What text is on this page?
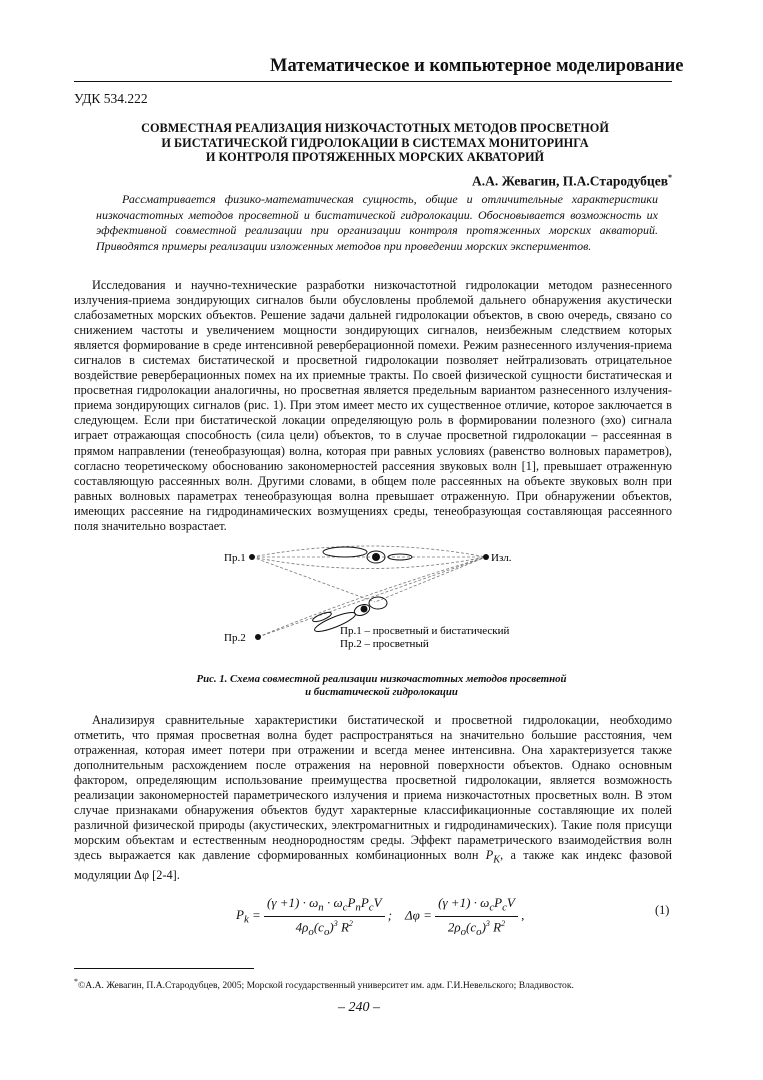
Математическое и компьютерное моделирование
УДК 534.222
СОВМЕСТНАЯ РЕАЛИЗАЦИЯ НИЗКОЧАСТОТНЫХ МЕТОДОВ ПРОСВЕТНОЙ
И БИСТАТИЧЕСКОЙ ГИДРОЛОКАЦИИ В СИСТЕМАХ МОНИТОРИНГА
И КОНТРОЛЯ ПРОТЯЖЕННЫХ МОРСКИХ АКВАТОРИЙ
А.А. Жевагин, П.А.Стародубцев*
Рассматривается физико-математическая сущность, общие и отличительные характеристики низкочастотных методов просветной и бистатической гидролокации. Обосновывается возможность их эффективной совместной реализации при организации контроля протяженных морских акваторий. Приводятся примеры реализации изложенных методов при проведении морских экспериментов.
Исследования и научно-технические разработки низкочастотной гидролокации методом разнесенного излучения-приема зондирующих сигналов были обусловлены проблемой дальнего обнаружения акустически слабозаметных морских объектов. Решение задачи дальней гидролокации объектов, в свою очередь, связано со снижением частоты и увеличением мощности зондирующих сигналов, неизбежным следствием которых является формирование в среде интенсивной реверберационной помехи. Режим разнесенного излучения-приема сигналов в системах бистатической и просветной гидролокации позволяет нейтрализовать отрицательное воздействие реверберационных помех на их приемные тракты. По своей физической сущности бистатическая и просветная гидролокации аналогичны, но просветная является предельным вариантом разнесенного излучения-приема зондирующих сигналов (рис. 1). При этом имеет место их существенное отличие, которое заключается в следующем. Если при бистатической локации определяющую роль в формировании полезного (эхо) сигнала играет отражающая способность (сила цели) объектов, то в случае просветной гидролокации – рассеянная в прямом направлении (тенеобразующая) волна, которая при равных условиях (равенство волновых параметров), согласно теоретическому обоснованию закономерностей рассеяния звуковых волн [1], превышает отраженную составляющую рассеянных волн. Другими словами, в общем поле рассеянных на объекте звуковых волн при равных волновых параметрах тенеобразующая волна превышает отраженную. При обнаружении объектов, имеющих рассеяние на гидродинамических возмущениях среды, тенеобразующая составляющая рассеянного поля значительно возрастает.
Пр.1	Изл.
Пр.2
Пр.1 – просветный и бистатический
Пр.2 – просветный
Рис. 1. Схема совместной реализации низкочастотных методов просветной
и бистатической гидролокации
Анализируя сравнительные характеристики бистатической и просветной гидролокации, необходимо отметить, что прямая просветная волна будет распространяться на значительно большие расстояния, чем отраженная, которая имеет потери при отражении и всегда менее интенсивна. Она характеризуется также дополнительным расхождением после отражения на неровной поверхности объектов. Однако основным фактором, определяющим использование преимущества просветной гидролокации, является возможность реализации закономерностей параметрического излучения и приема низкочастотных просветных волн. В этом случае признаками обнаружения объектов будут характерные классификационные составляющие их полей различной физической природы (акустических, электромагнитных и гидродинамических). Такие поля присущи морским объектам и естественным неоднородностям среды. Эффект параметрического взаимодействия волн здесь выражается как давление сформированных комбинационных волн $P_K$, а также как индекс фазовой модуляции Δφ [2-4].
$P_k = \frac{(\gamma +1) \cdot \omega_n \cdot \omega_cP_nP_cV}{4\rho_o(c_o)^3 R^2}$ ; $\Delta\varphi = \frac{(\gamma +1) \cdot \omega_cP_cV}{2\rho_o(c_o)^3 R^2}$ ,	(1)
*©А.А. Жевагин, П.А.Стародубцев, 2005; Морской государственный университет им. адм. Г.И.Невельского; Владивосток.
– 240 –
